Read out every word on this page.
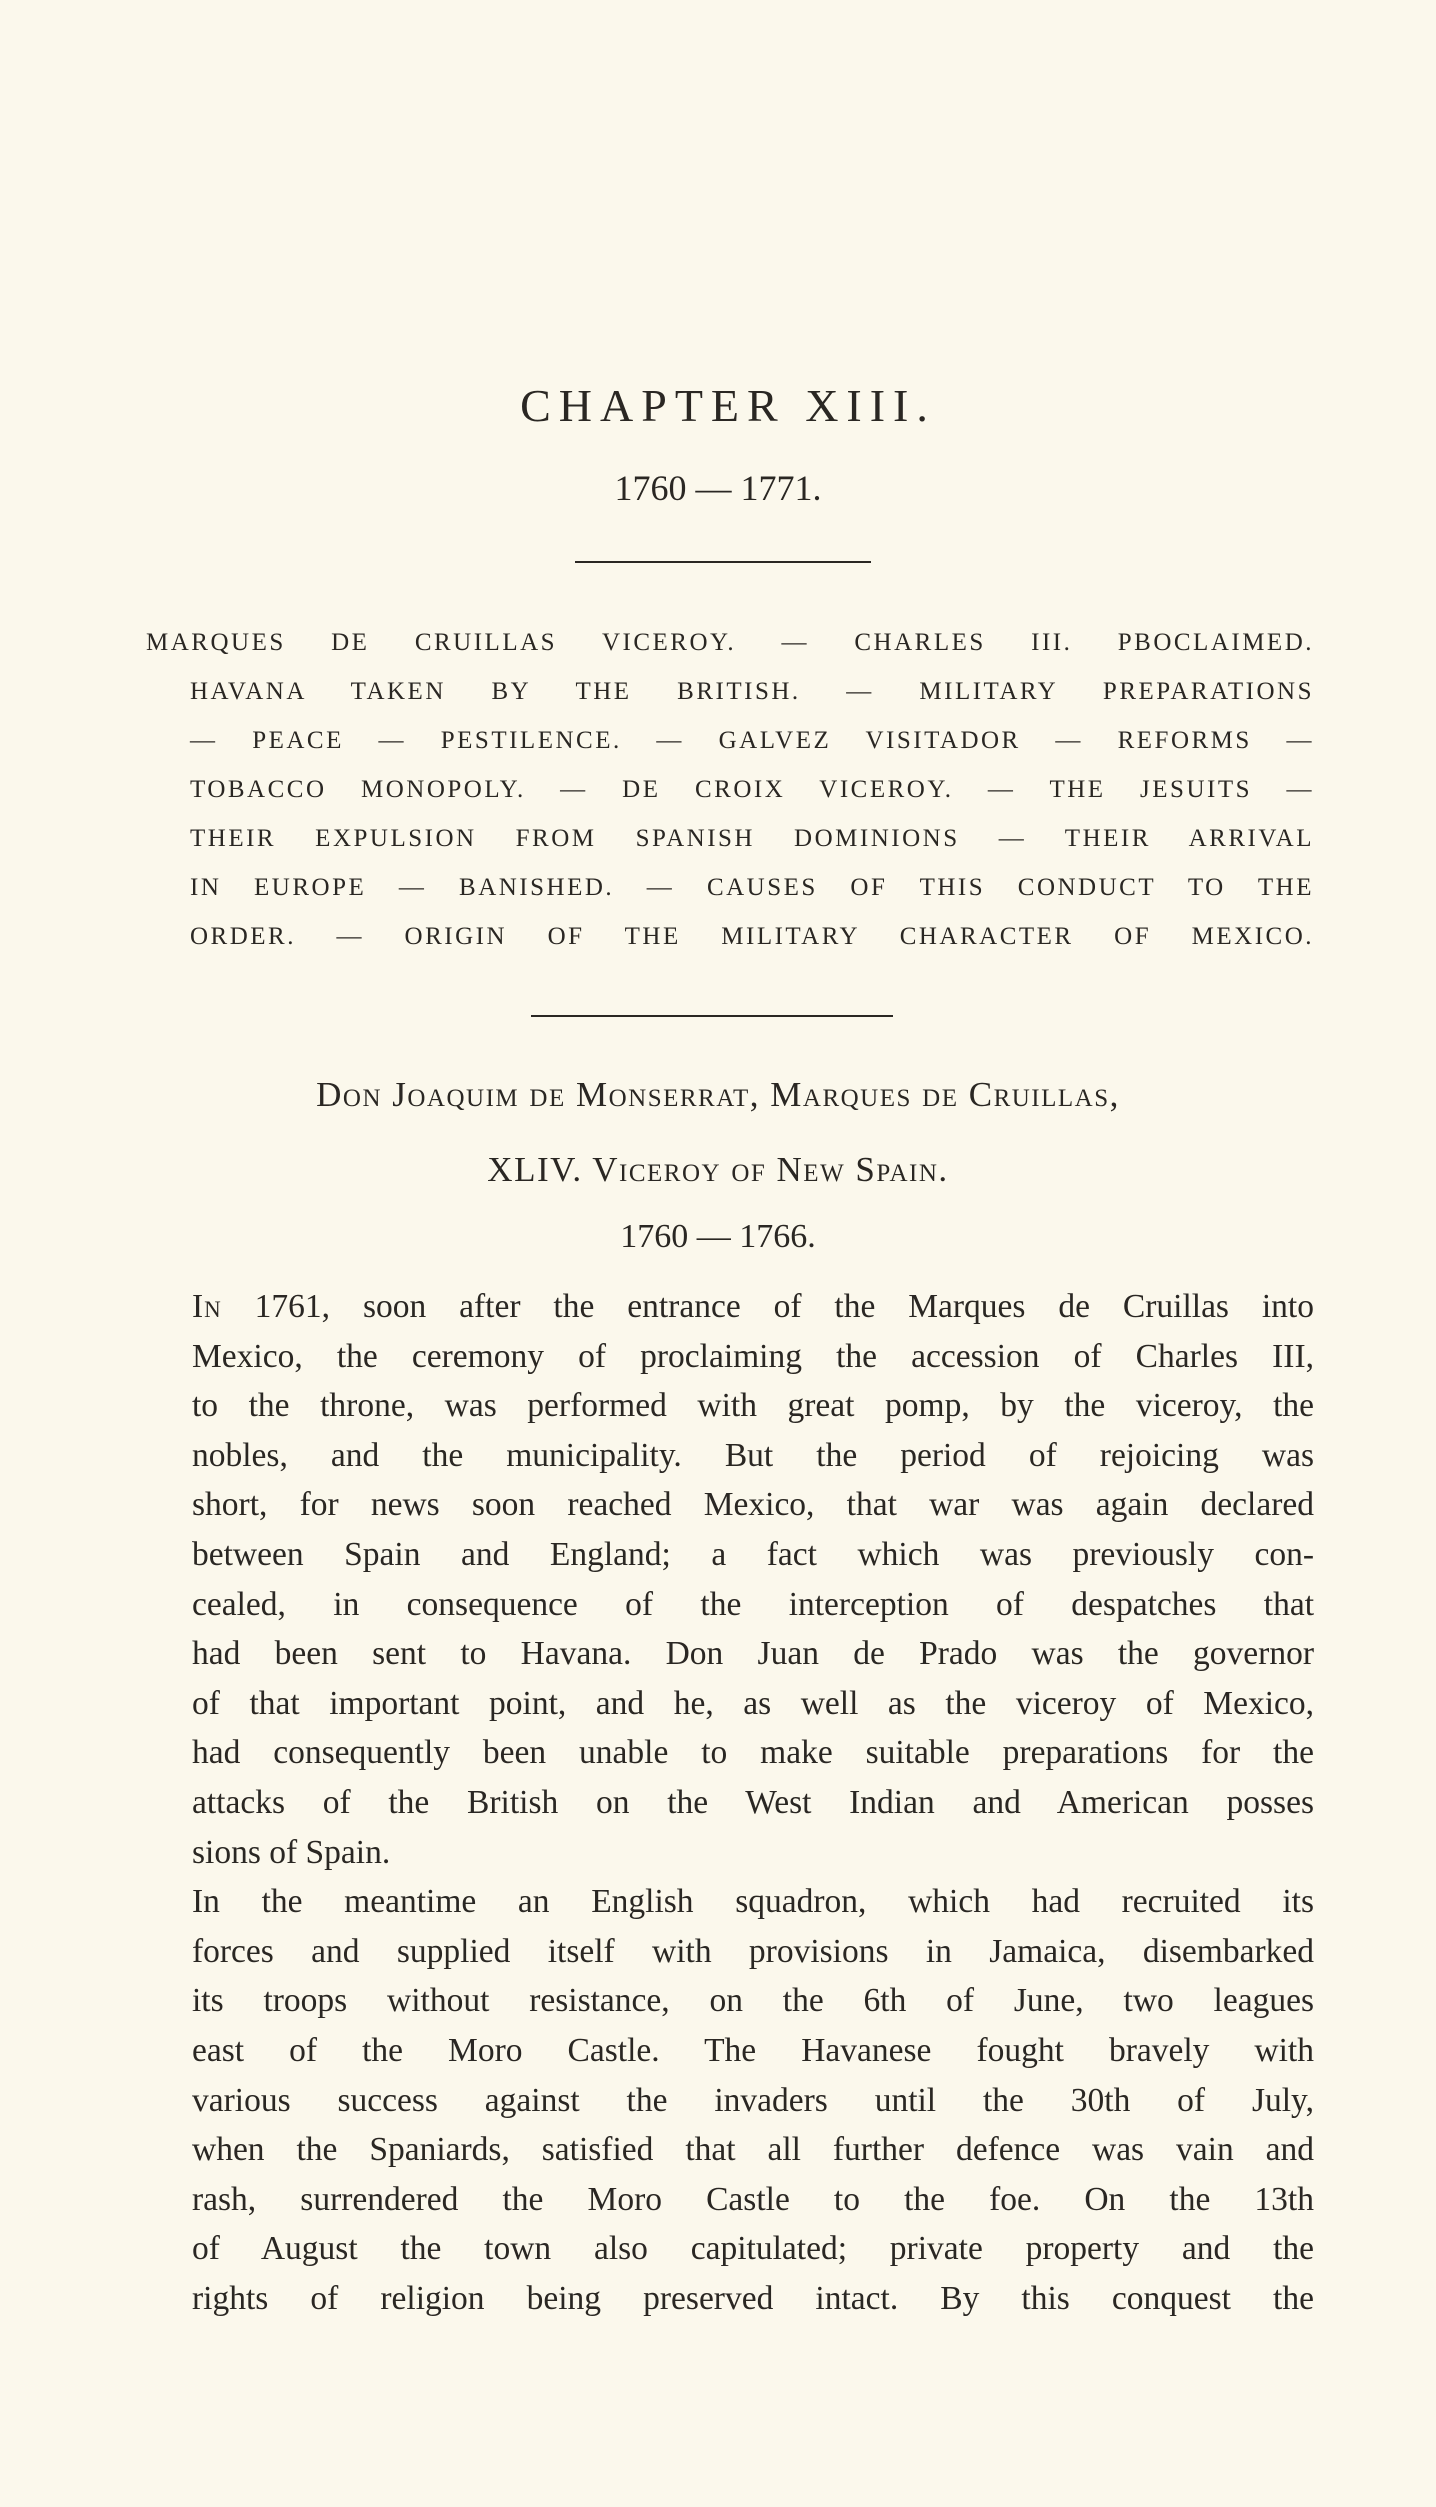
CHAPTER XIII.
1760 — 1771.
MARQUES DE CRUILLAS VICEROY. — CHARLES III. PBOCLAIMED.
HAVANA TAKEN BY THE BRITISH. — MILITARY PREPARATIONS
— PEACE — PESTILENCE. — GALVEZ VISITADOR — REFORMS —
TOBACCO MONOPOLY. — DE CROIX VICEROY. — THE JESUITS —
THEIR EXPULSION FROM SPANISH DOMINIONS — THEIR ARRIVAL
IN EUROPE — BANISHED. — CAUSES OF THIS CONDUCT TO THE
ORDER. — ORIGIN OF THE MILITARY CHARACTER OF MEXICO.
Don Joaquim de Monserrat, Marques de Cruillas,
XLIV. Viceroy of New Spain.
1760 — 1766.
In 1761, soon after the entrance of the Marques de Cruillas into
Mexico, the ceremony of proclaiming the accession of Charles III,
to the throne, was performed with great pomp, by the viceroy, the
nobles, and the municipality. But the period of rejoicing was
short, for news soon reached Mexico, that war was again declared
between Spain and England; a fact which was previously con-
cealed, in consequence of the interception of despatches that
had been sent to Havana. Don Juan de Prado was the governor
of that important point, and he, as well as the viceroy of Mexico,
had consequently been unable to make suitable preparations for the
attacks of the British on the West Indian and American posses
sions of Spain.
In the meantime an English squadron, which had recruited its
forces and supplied itself with provisions in Jamaica, disembarked
its troops without resistance, on the 6th of June, two leagues
east of the Moro Castle. The Havanese fought bravely with
various success against the invaders until the 30th of July,
when the Spaniards, satisfied that all further defence was vain and
rash, surrendered the Moro Castle to the foe. On the 13th
of August the town also capitulated; private property and the
rights of religion being preserved intact. By this conquest the
